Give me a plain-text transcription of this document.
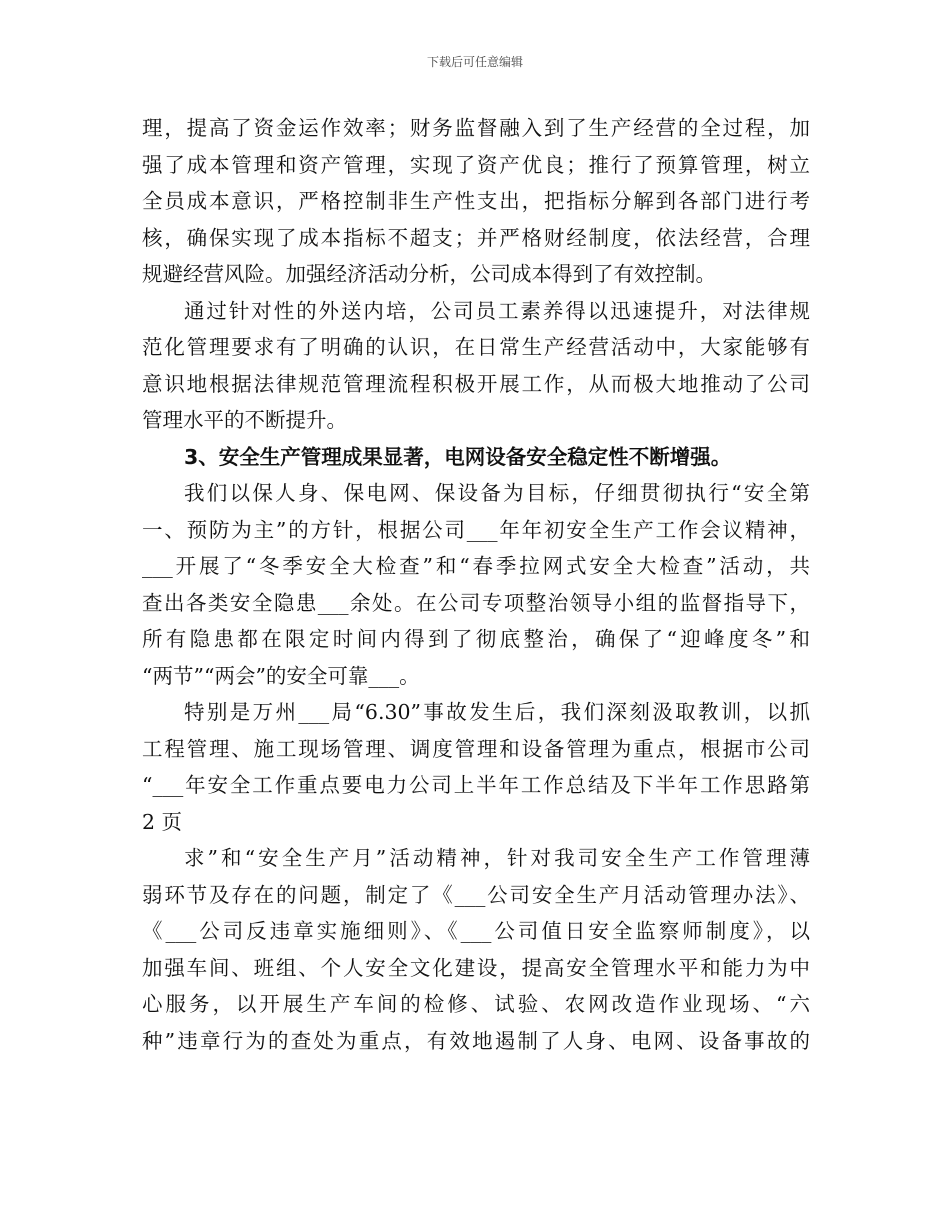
下载后可任意编辑
理，提高了资金运作效率；财务监督融入到了生产经营的全过程，加
强了成本管理和资产管理，实现了资产优良；推行了预算管理，树立
全员成本意识，严格控制非生产性支出，把指标分解到各部门进行考
核，确保实现了成本指标不超支；并严格财经制度，依法经营，合理
规避经营风险。加强经济活动分析，公司成本得到了有效控制。
通过针对性的外送内培，公司员工素养得以迅速提升，对法律规
范化管理要求有了明确的认识，在日常生产经营活动中，大家能够有
意识地根据法律规范管理流程积极开展工作，从而极大地推动了公司
管理水平的不断提升。
3、安全生产管理成果显著，电网设备安全稳定性不断增强。
我们以保人身、保电网、保设备为目标，仔细贯彻执行“安全第
一、预防为主”的方针，根据公司___年年初安全生产工作会议精神，
___开展了“冬季安全大检查”和“春季拉网式安全大检查”活动，共
查出各类安全隐患___余处。在公司专项整治领导小组的监督指导下，
所有隐患都在限定时间内得到了彻底整治，确保了“迎峰度冬”和
“两节”“两会”的安全可靠___。
特别是万州___局“6.30”事故发生后，我们深刻汲取教训，以抓
工程管理、施工现场管理、调度管理和设备管理为重点，根据市公司
“___年安全工作重点要电力公司上半年工作总结及下半年工作思路第
2 页
求”和“安全生产月”活动精神，针对我司安全生产工作管理薄
弱环节及存在的问题，制定了《___公司安全生产月活动管理办法》、
《___公司反违章实施细则》、《___公司值日安全监察师制度》，以
加强车间、班组、个人安全文化建设，提高安全管理水平和能力为中
心服务，以开展生产车间的检修、试验、农网改造作业现场、“六
种”违章行为的查处为重点，有效地遏制了人身、电网、设备事故的
